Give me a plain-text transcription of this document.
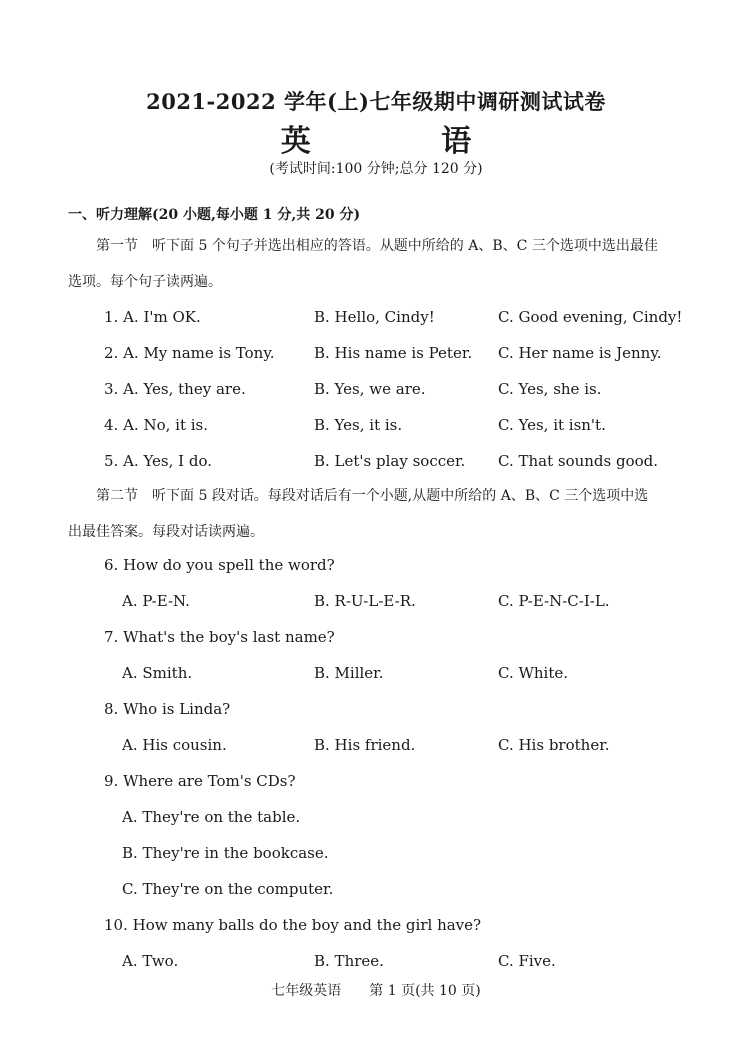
2021-2022 学年(上)七年级期中调研测试试卷
英 语
(考试时间:100 分钟;总分 120 分)
一、听力理解(20 小题,每小题 1 分,共 20 分)
第一节 听下面 5 个句子并选出相应的答语。从题中所给的 A、B、C 三个选项中选出最佳
选项。每个句子读两遍。
1. A. I'm OK.	B. Hello, Cindy!	C. Good evening, Cindy!
2. A. My name is Tony.	B. His name is Peter. C. Her name is Jenny.
3. A. Yes, they are.	B. Yes, we are.	C. Yes, she is.
4. A. No, it is.	B. Yes, it is.	C. Yes, it isn't.
5. A. Yes, I do.	B. Let's play soccer. C. That sounds good.
第二节 听下面 5 段对话。每段对话后有一个小题,从题中所给的 A、B、C 三个选项中选
出最佳答案。每段对话读两遍。
6. How do you spell the word?
A. P-E-N.	B. R-U-L-E-R.	C. P-E-N-C-I-L.
7. What's the boy's last name?
A. Smith.	B. Miller.	C. White.
8. Who is Linda?
A. His cousin.	B. His friend.	C. His brother.
9. Where are Tom's CDs?
A. They're on the table.
B. They're in the bookcase.
C. They're on the computer.
10. How many balls do the boy and the girl have?
A. Two.	B. Three.	C. Five.
七年级英语 第 1 页(共 10 页)
